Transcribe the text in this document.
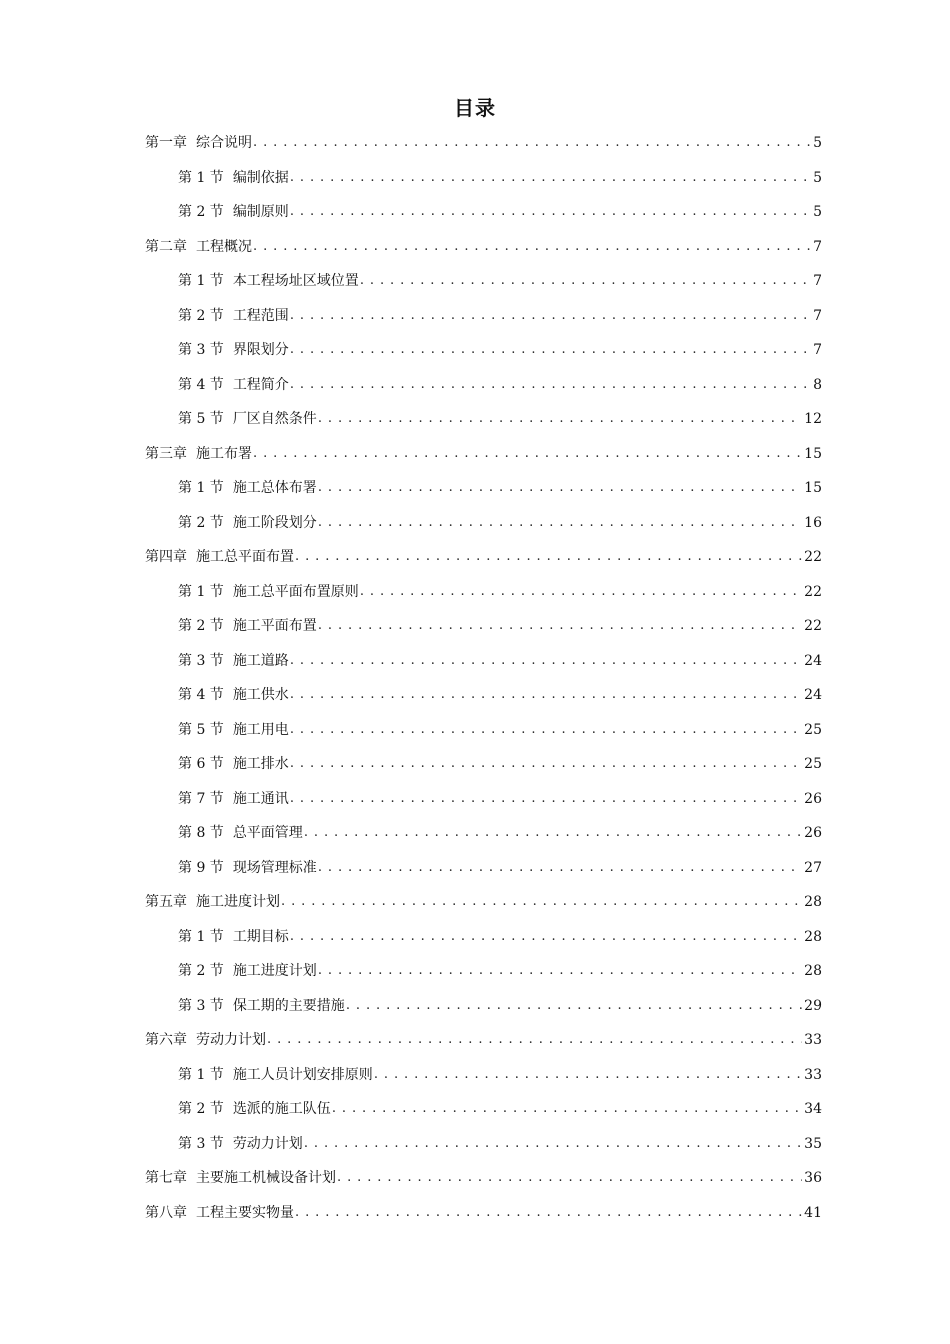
目录
第一章 综合说明 . . .	5
第 1 节 编制依据 . . .	5
第 2 节 编制原则 . . .	5
第二章 工程概况 . . .	7
第 1 节 本工程场址区域位置 . . .	7
第 2 节 工程范围 . . .	7
第 3 节 界限划分 . . .	7
第 4 节 工程简介 . . .	8
第 5 节 厂区自然条件 . . .	12
第三章 施工布署 . . .	15
第 1 节 施工总体布署 . . .	15
第 2 节 施工阶段划分 . . .	16
第四章 施工总平面布置 . . .	22
第 1 节 施工总平面布置原则 . . .	22
第 2 节 施工平面布置 . . .	22
第 3 节 施工道路 . . .	24
第 4 节 施工供水 . . .	24
第 5 节 施工用电 . . .	25
第 6 节 施工排水 . . .	25
第 7 节 施工通讯 . . .	26
第 8 节 总平面管理 . . .	26
第 9 节 现场管理标准 . . .	27
第五章 施工进度计划 . . .	28
第 1 节 工期目标 . . .	28
第 2 节 施工进度计划 . . .	28
第 3 节 保工期的主要措施 . . .	29
第六章 劳动力计划 . . .	33
第 1 节 施工人员计划安排原则 . . .	33
第 2 节 选派的施工队伍 . . .	34
第 3 节 劳动力计划 . . .	35
第七章 主要施工机械设备计划 . . .	36
第八章 工程主要实物量 . . .	41
